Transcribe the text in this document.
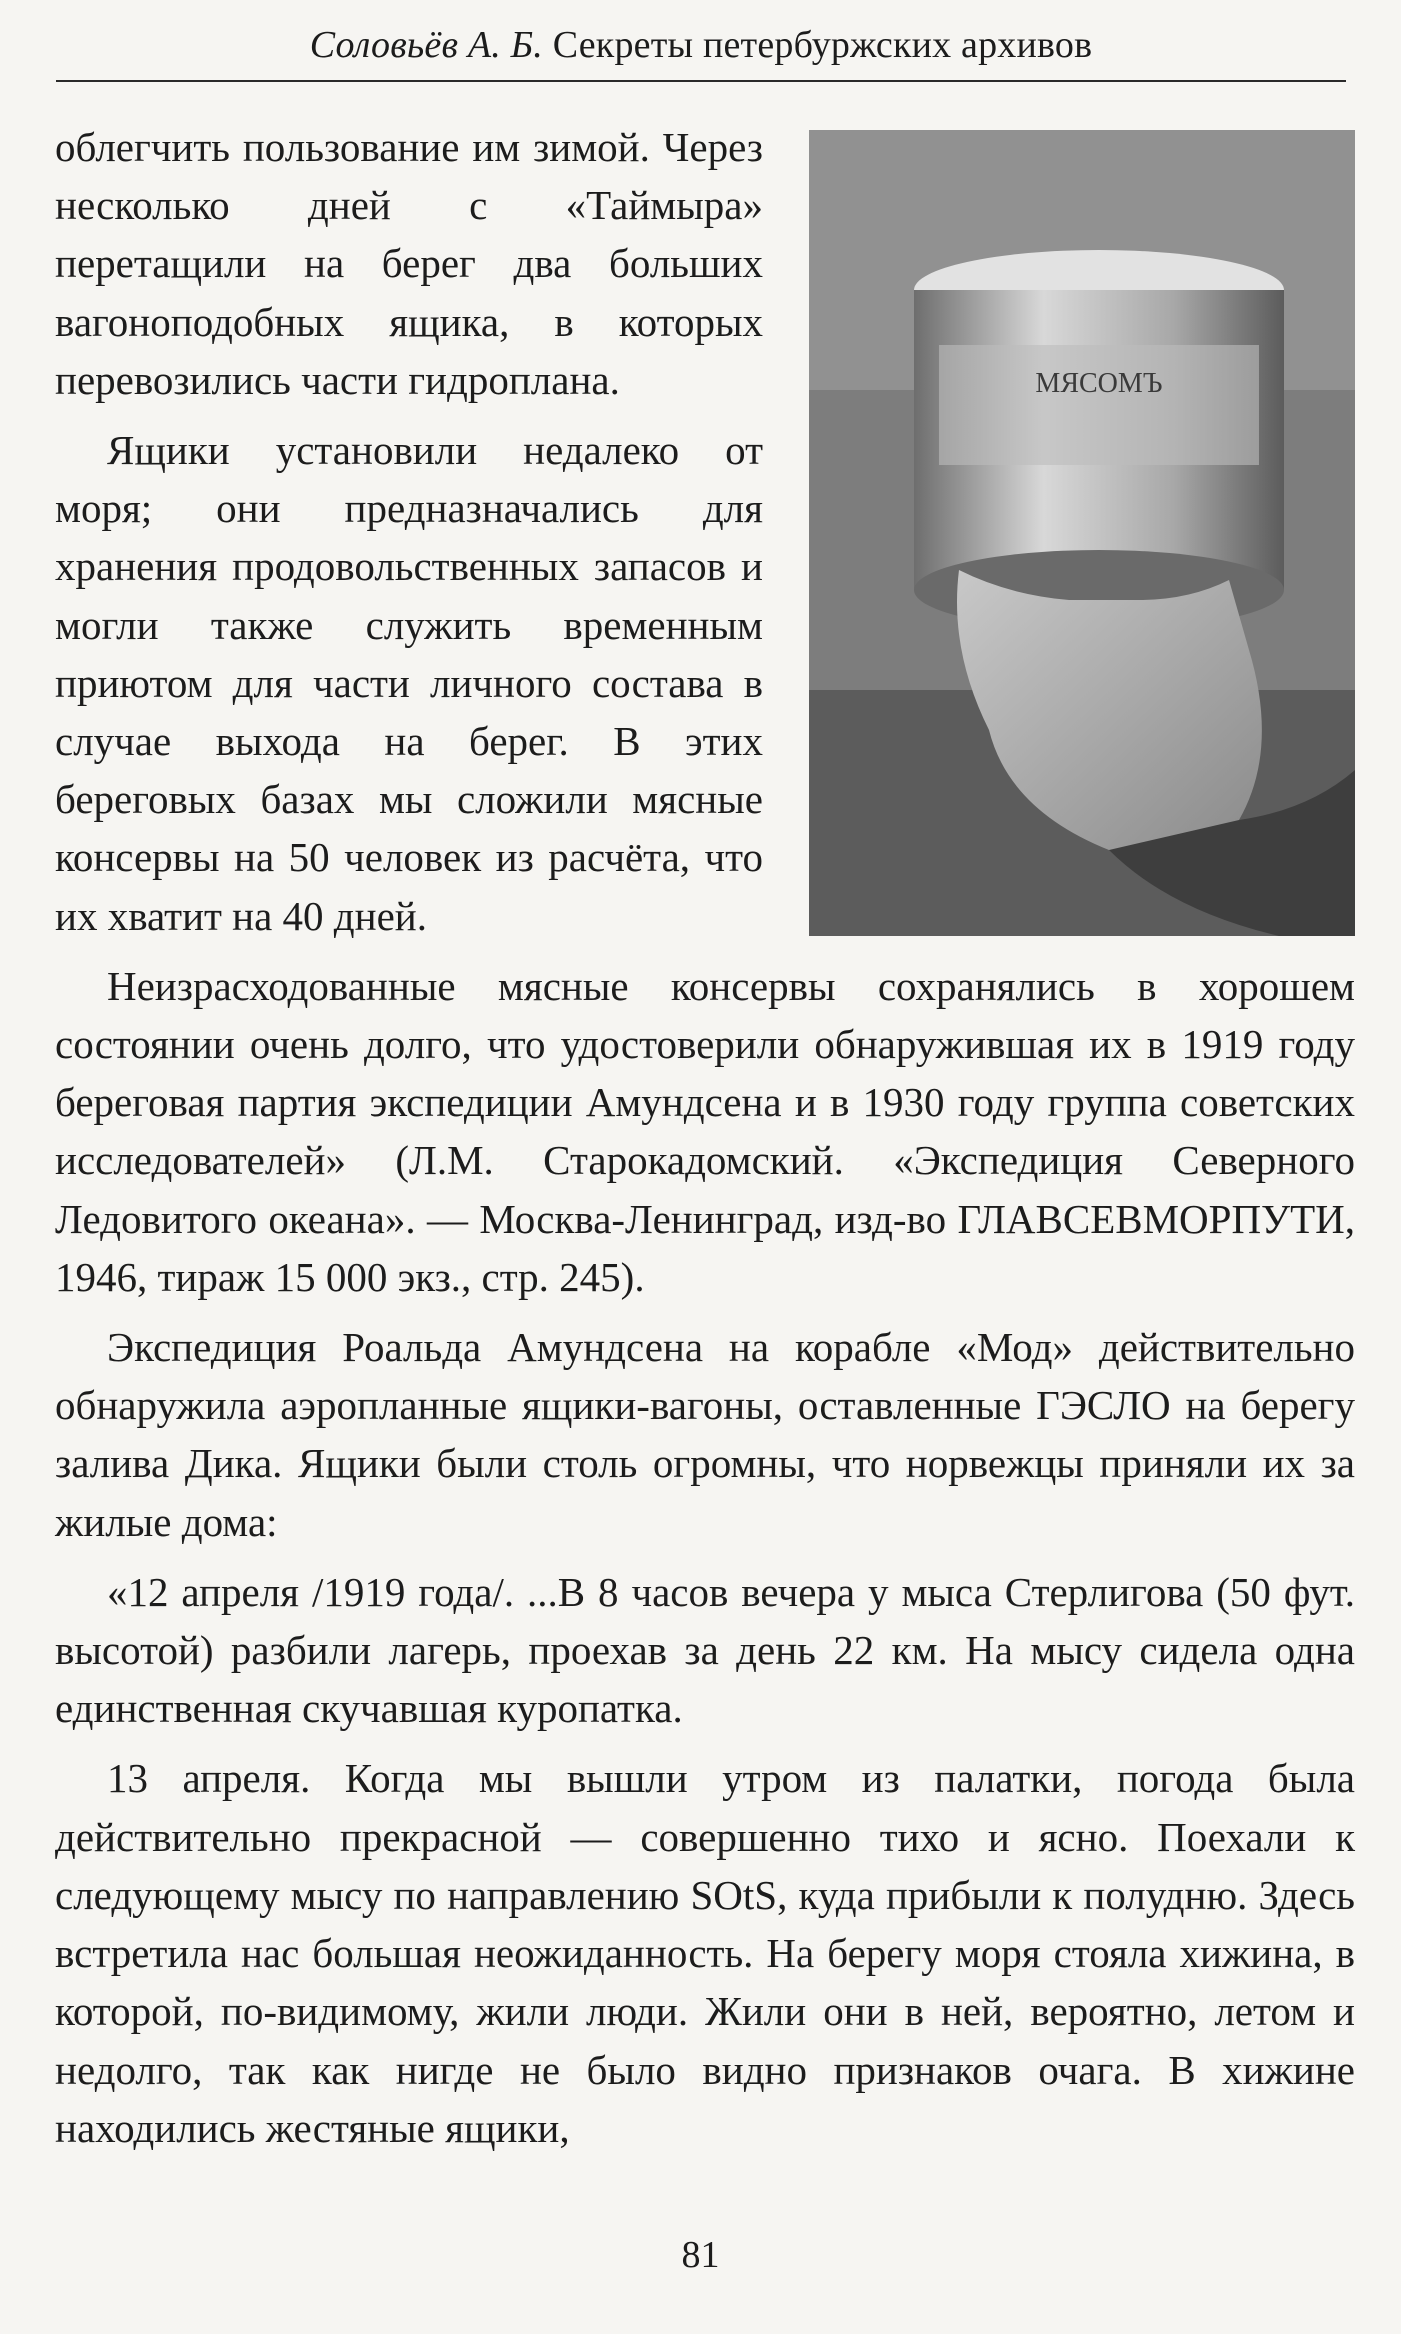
Соловьёв А. Б. Секреты петербуржских архивов
МЯСОМЪ

облегчить пользование им зимой. Через несколько дней с «Таймыра» перетащили на берег два больших вагоноподобных ящика, в которых перевозились части гидроплана.

Ящики установили недалеко от моря; они предназначались для хранения продовольственных запасов и могли также служить временным приютом для части личного состава в случае выхода на берег. В этих береговых базах мы сложили мясные консервы на 50 человек из расчёта, что их хватит на 40 дней.

Неизрасходованные мясные консервы сохранялись в хорошем состоянии очень долго, что удостоверили обнаружившая их в 1919 году береговая партия экспедиции Амундсена и в 1930 году группа советских исследователей» (Л.М. Старокадомский. «Экспедиция Северного Ледовитого океана». — Москва-Ленинград, изд-во ГЛАВСЕВМОРПУТИ, 1946, тираж 15 000 экз., стр. 245).

Экспедиция Роальда Амундсена на корабле «Мод» действительно обнаружила аэропланные ящики-вагоны, оставленные ГЭСЛО на берегу залива Дика. Ящики были столь огромны, что норвежцы приняли их за жилые дома:

«12 апреля /1919 года/. ...В 8 часов вечера у мыса Стерлигова (50 фут. высотой) разбили лагерь, проехав за день 22 км. На мысу сидела одна единственная скучавшая куропатка.

13 апреля. Когда мы вышли утром из палатки, погода была действительно прекрасной — совершенно тихо и ясно. Поехали к следующему мысу по направлению SOtS, куда прибыли к полудню. Здесь встретила нас большая неожиданность. На берегу моря стояла хижина, в которой, по-видимому, жили люди. Жили они в ней, вероятно, летом и недолго, так как нигде не было видно признаков очага. В хижине находились жестяные ящики,

81
